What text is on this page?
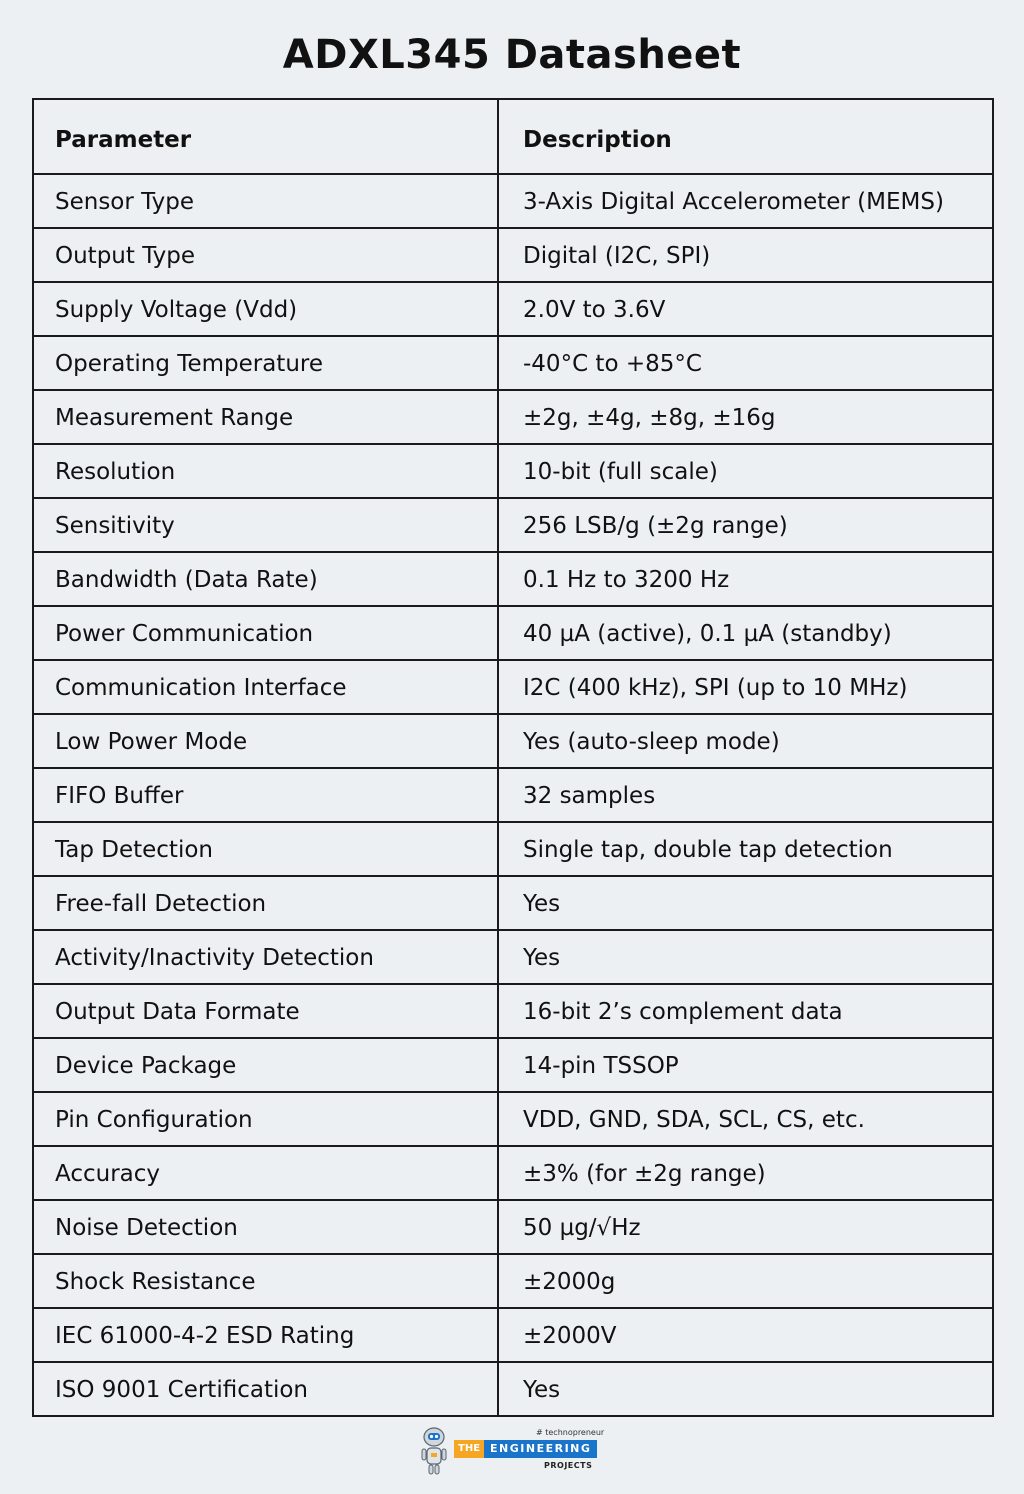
ADXL345 Datasheet
Parameter	Description
Sensor Type	3-Axis Digital Accelerometer (MEMS)
Output Type	Digital (I2C, SPI)
Supply Voltage (Vdd)	2.0V to 3.6V
Operating Temperature	-40°C to +85°C
Measurement Range	±2g, ±4g, ±8g, ±16g
Resolution	10-bit (full scale)
Sensitivity	256 LSB/g (±2g range)
Bandwidth (Data Rate)	0.1 Hz to 3200 Hz
Power Communication	40 µA (active), 0.1 µA (standby)
Communication Interface	I2C (400 kHz), SPI (up to 10 MHz)
Low Power Mode	Yes (auto-sleep mode)
FIFO Buffer	32 samples
Tap Detection	Single tap, double tap detection
Free-fall Detection	Yes
Activity/Inactivity Detection	Yes
Output Data Formate	16-bit 2’s complement data
Device Package	14-pin TSSOP
Pin Configuration	VDD, GND, SDA, SCL, CS, etc.
Accuracy	±3% (for ±2g range)
Noise Detection	50 µg/√Hz
Shock Resistance	±2000g
IEC 61000-4-2 ESD Rating	±2000V
ISO 9001 Certification	Yes
# technopreneur
THE ENGINEERING
PROJECTS
